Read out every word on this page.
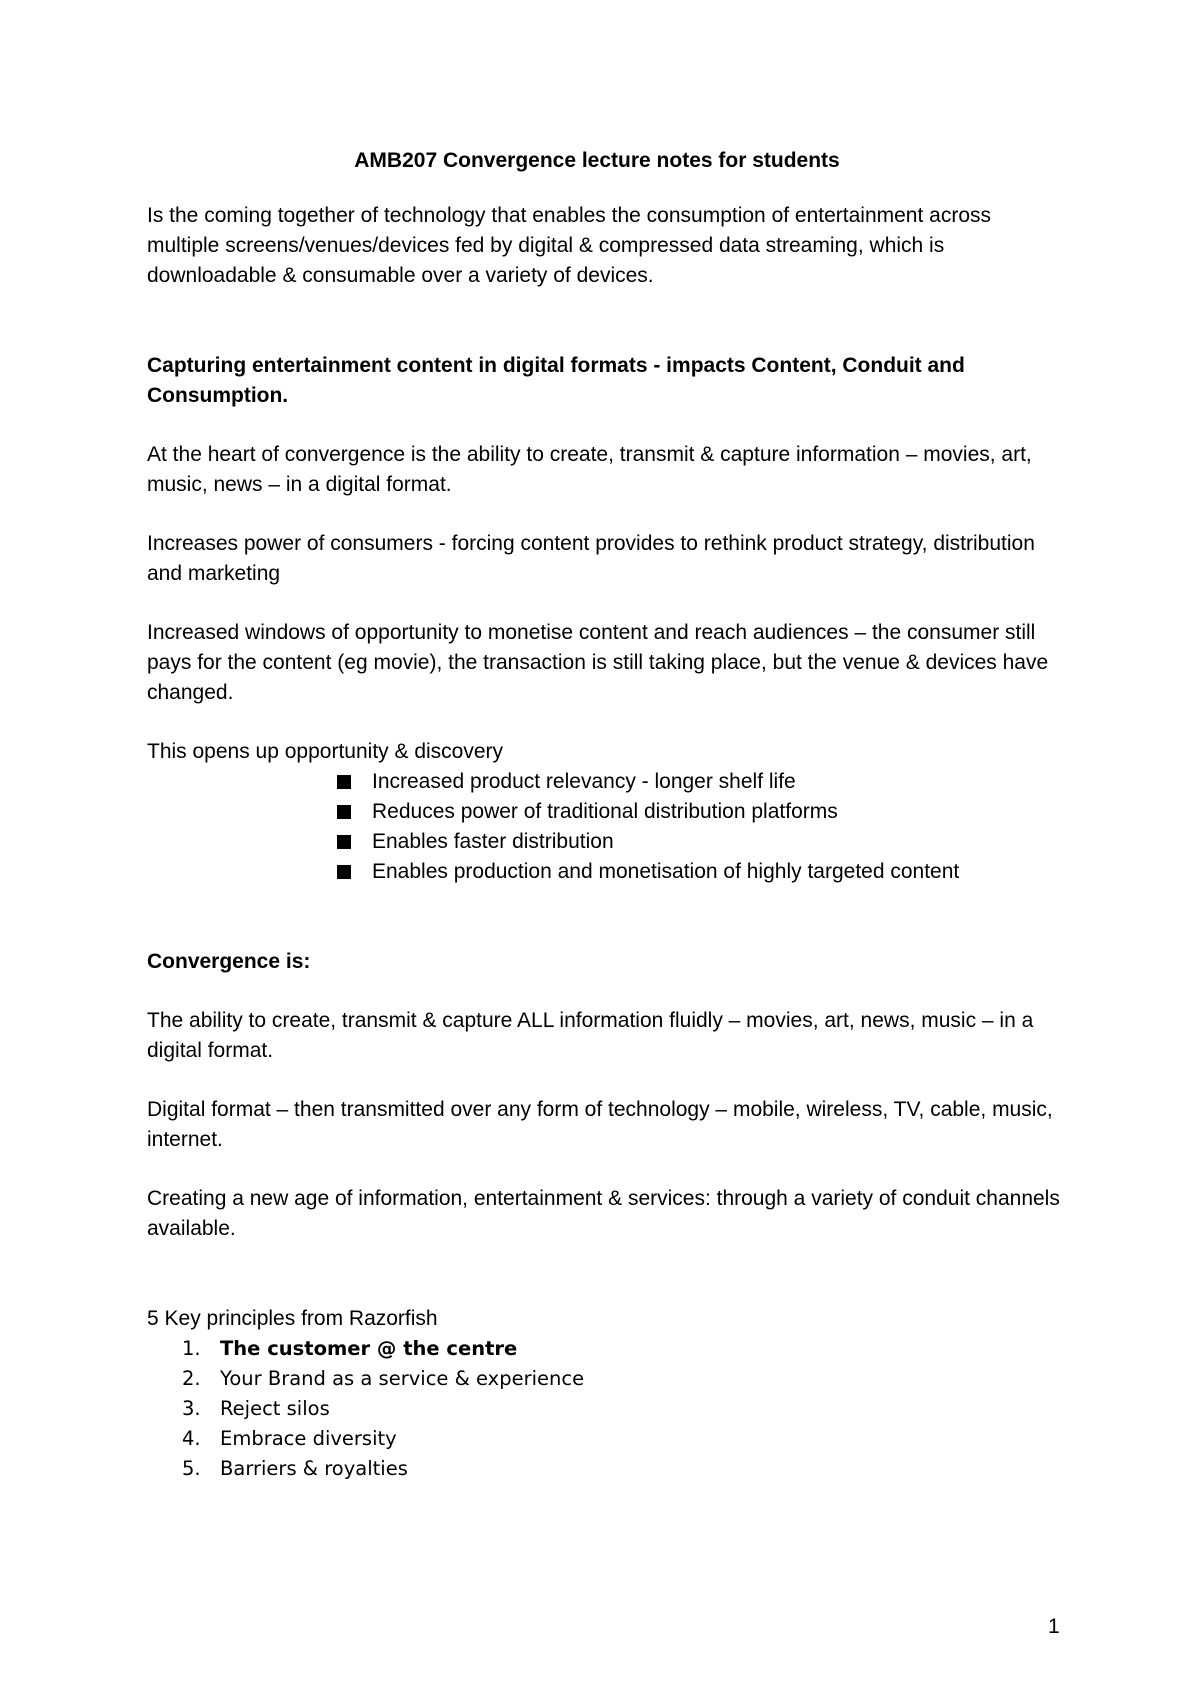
AMB207 Convergence lecture notes for students

Is the coming together of technology that enables the consumption of entertainment across multiple screens/venues/devices fed by digital & compressed data streaming, which is downloadable & consumable over a variety of devices.

Capturing entertainment content in digital formats - impacts Content, Conduit and Consumption.

At the heart of convergence is the ability to create, transmit & capture information – movies, art, music, news – in a digital format.

Increases power of consumers - forcing content provides to rethink product strategy, distribution and marketing

Increased windows of opportunity to monetise content and reach audiences – the consumer still pays for the content (eg movie), the transaction is still taking place, but the venue & devices have changed.

This opens up opportunity & discovery

Increased product relevancy - longer shelf life
Reduces power of traditional distribution platforms
Enables faster distribution
Enables production and monetisation of highly targeted content

Convergence is:

The ability to create, transmit & capture ALL information fluidly – movies, art, news, music – in a digital format.

Digital format – then transmitted over any form of technology – mobile, wireless, TV, cable, music, internet.

Creating a new age of information, entertainment & services: through a variety of conduit channels available.

5 Key principles from Razorfish

1. The customer @ the centre
2. Your Brand as a service & experience
3. Reject silos
4. Embrace diversity
5. Barriers & royalties
1
